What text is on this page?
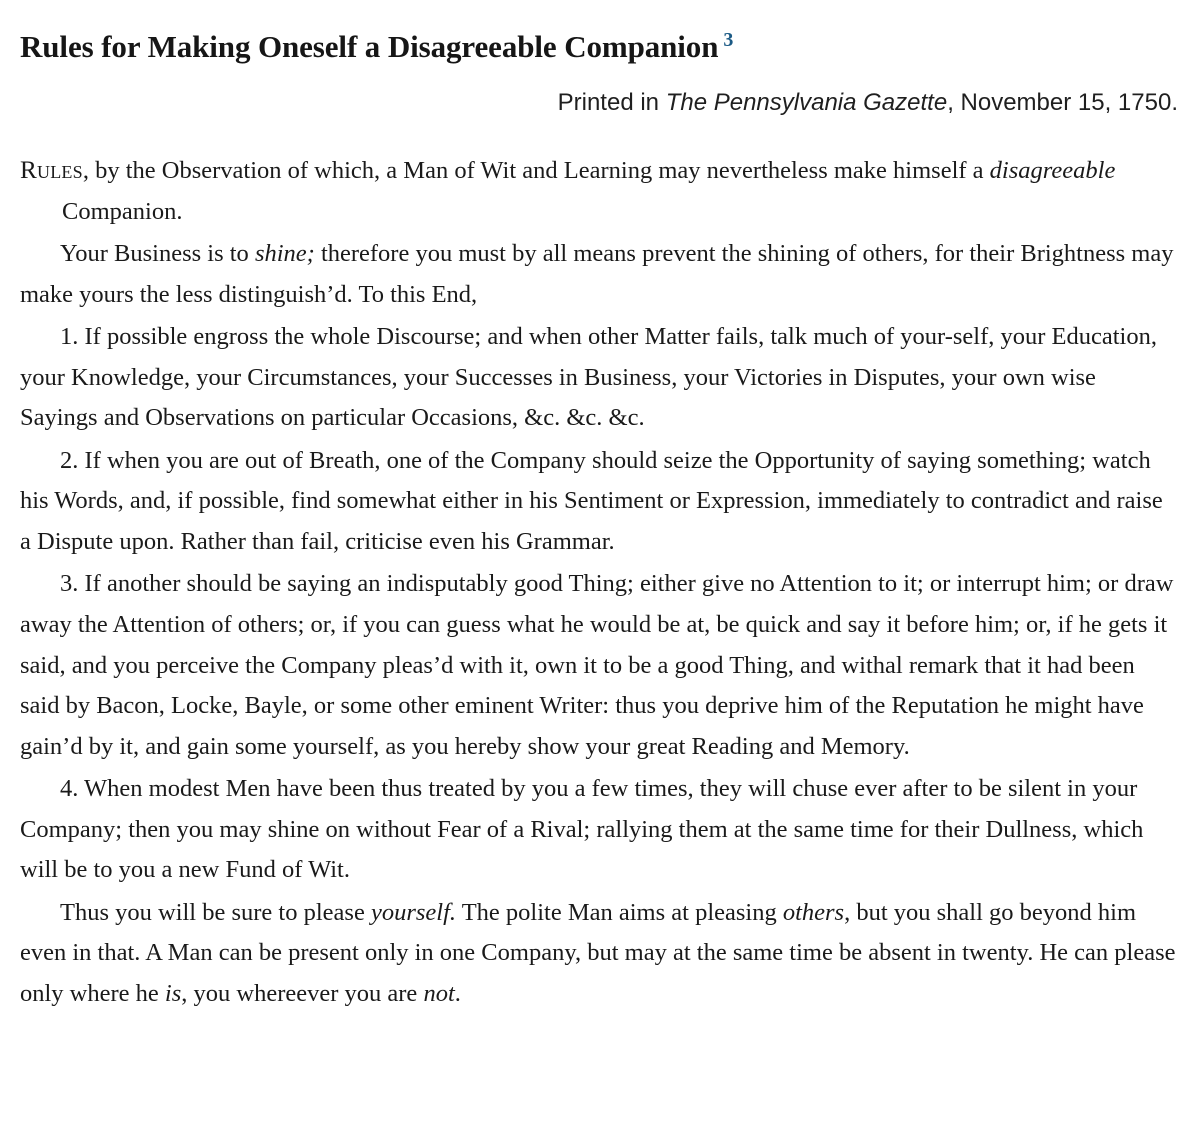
Rules for Making Oneself a Disagreeable Companion $^3$

Printed in The Pennsylvania Gazette, November 15, 1750.

Rules, by the Observation of which, a Man of Wit and Learning may nevertheless make himself a disagreeable Companion.

Your Business is to shine; therefore you must by all means prevent the shining of others, for their Brightness may make yours the less distinguish’d. To this End,

1. If possible engross the whole Discourse; and when other Matter fails, talk much of your-self, your Education, your Knowledge, your Circumstances, your Successes in Business, your Victories in Disputes, your own wise Sayings and Observations on particular Occasions, &c. &c. &c.

2. If when you are out of Breath, one of the Company should seize the Opportunity of saying something; watch his Words, and, if possible, find somewhat either in his Sentiment or Expression, immediately to contradict and raise a Dispute upon. Rather than fail, criticise even his Grammar.

3. If another should be saying an indisputably good Thing; either give no Attention to it; or interrupt him; or draw away the Attention of others; or, if you can guess what he would be at, be quick and say it before him; or, if he gets it said, and you perceive the Company pleas’d with it, own it to be a good Thing, and withal remark that it had been said by Bacon, Locke, Bayle, or some other eminent Writer: thus you deprive him of the Reputation he might have gain’d by it, and gain some yourself, as you hereby show your great Reading and Memory.

4. When modest Men have been thus treated by you a few times, they will chuse ever after to be silent in your Company; then you may shine on without Fear of a Rival; rallying them at the same time for their Dullness, which will be to you a new Fund of Wit.

Thus you will be sure to please yourself. The polite Man aims at pleasing others, but you shall go beyond him even in that. A Man can be present only in one Company, but may at the same time be absent in twenty. He can please only where he is, you whereever you are not.
